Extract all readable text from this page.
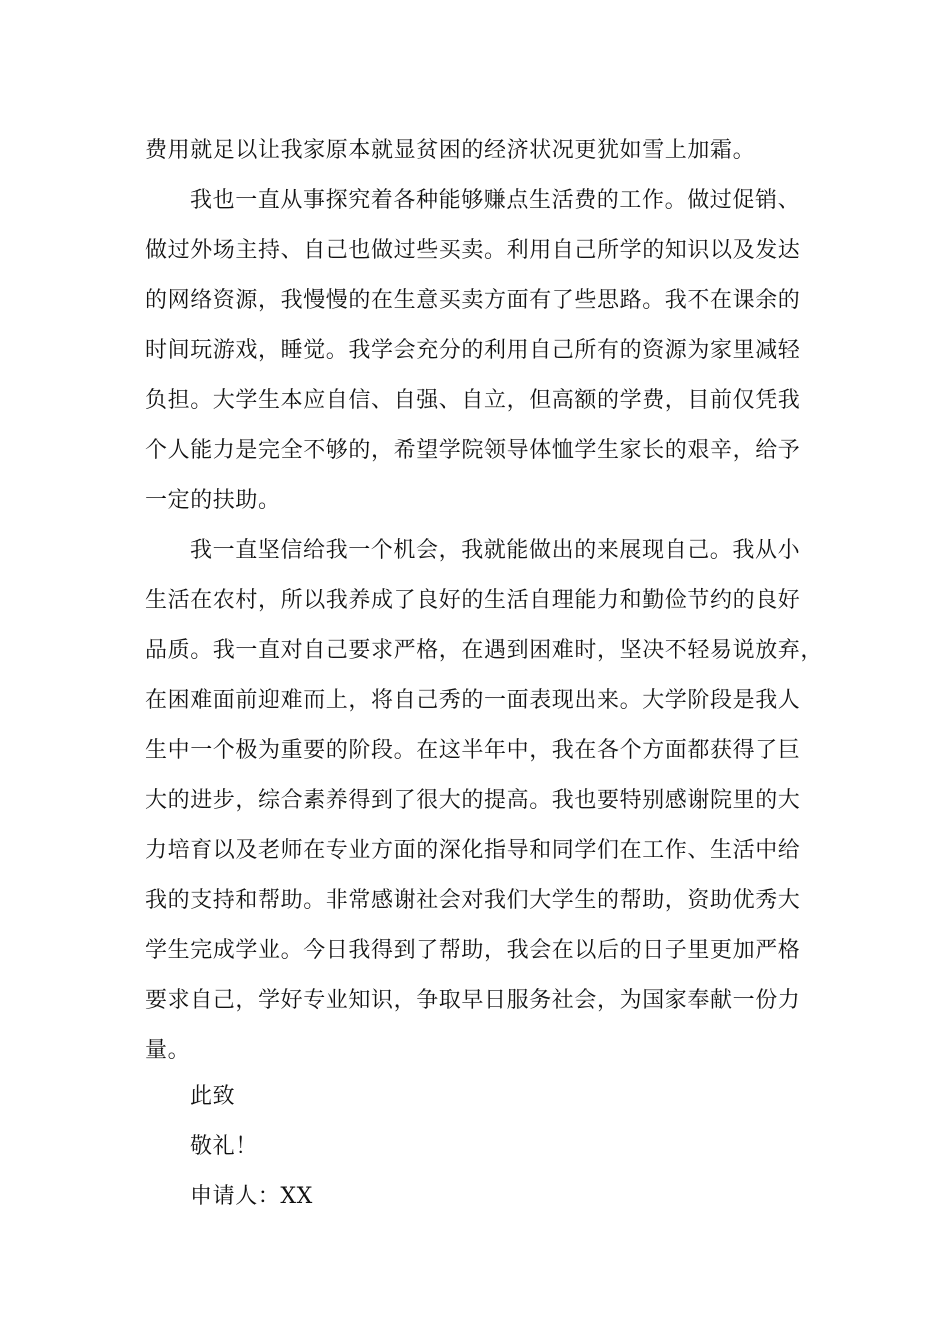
费用就足以让我家原本就显贫困的经济状况更犹如雪上加霜。
我也一直从事探究着各种能够赚点生活费的工作。做过促销、
做过外场主持、自己也做过些买卖。利用自己所学的知识以及发达
的网络资源，我慢慢的在生意买卖方面有了些思路。我不在课余的
时间玩游戏，睡觉。我学会充分的利用自己所有的资源为家里减轻
负担。大学生本应自信、自强、自立，但高额的学费，目前仅凭我
个人能力是完全不够的，希望学院领导体恤学生家长的艰辛，给予
一定的扶助。
我一直坚信给我一个机会，我就能做出的来展现自己。我从小
生活在农村，所以我养成了良好的生活自理能力和勤俭节约的良好
品质。我一直对自己要求严格，在遇到困难时，坚决不轻易说放弃，
在困难面前迎难而上，将自己秀的一面表现出来。大学阶段是我人
生中一个极为重要的阶段。在这半年中，我在各个方面都获得了巨
大的进步，综合素养得到了很大的提高。我也要特别感谢院里的大
力培育以及老师在专业方面的深化指导和同学们在工作、生活中给
我的支持和帮助。非常感谢社会对我们大学生的帮助，资助优秀大
学生完成学业。今日我得到了帮助，我会在以后的日子里更加严格
要求自己，学好专业知识，争取早日服务社会，为国家奉献一份力
量。
此致
敬礼！
申请人：XX
